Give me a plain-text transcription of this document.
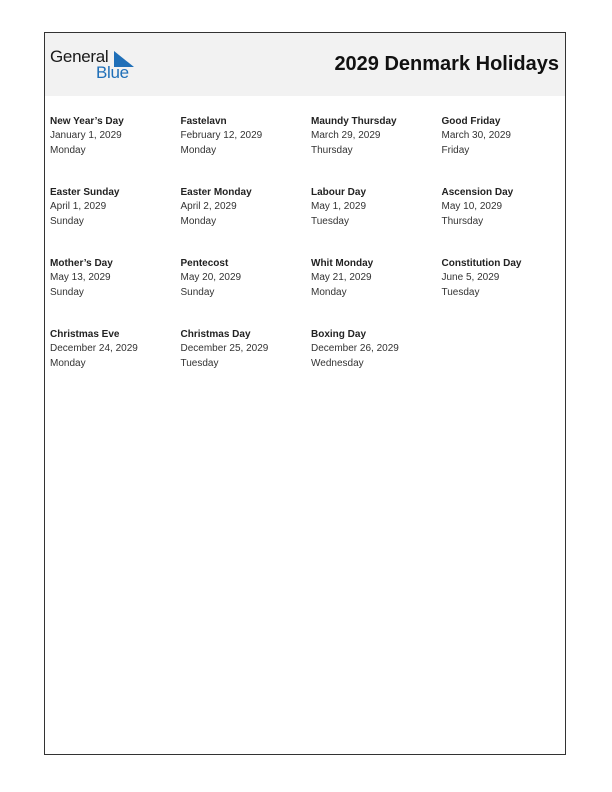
General
Blue	2029 Denmark Holidays
New Year’s Day
January 1, 2029
Monday
Fastelavn
February 12, 2029
Monday
Maundy Thursday
March 29, 2029
Thursday
Good Friday
March 30, 2029
Friday
Easter Sunday
April 1, 2029
Sunday
Easter Monday
April 2, 2029
Monday
Labour Day
May 1, 2029
Tuesday
Ascension Day
May 10, 2029
Thursday
Mother’s Day
May 13, 2029
Sunday
Pentecost
May 20, 2029
Sunday
Whit Monday
May 21, 2029
Monday
Constitution Day
June 5, 2029
Tuesday
Christmas Eve
December 24, 2029
Monday
Christmas Day
December 25, 2029
Tuesday
Boxing Day
December 26, 2029
Wednesday
